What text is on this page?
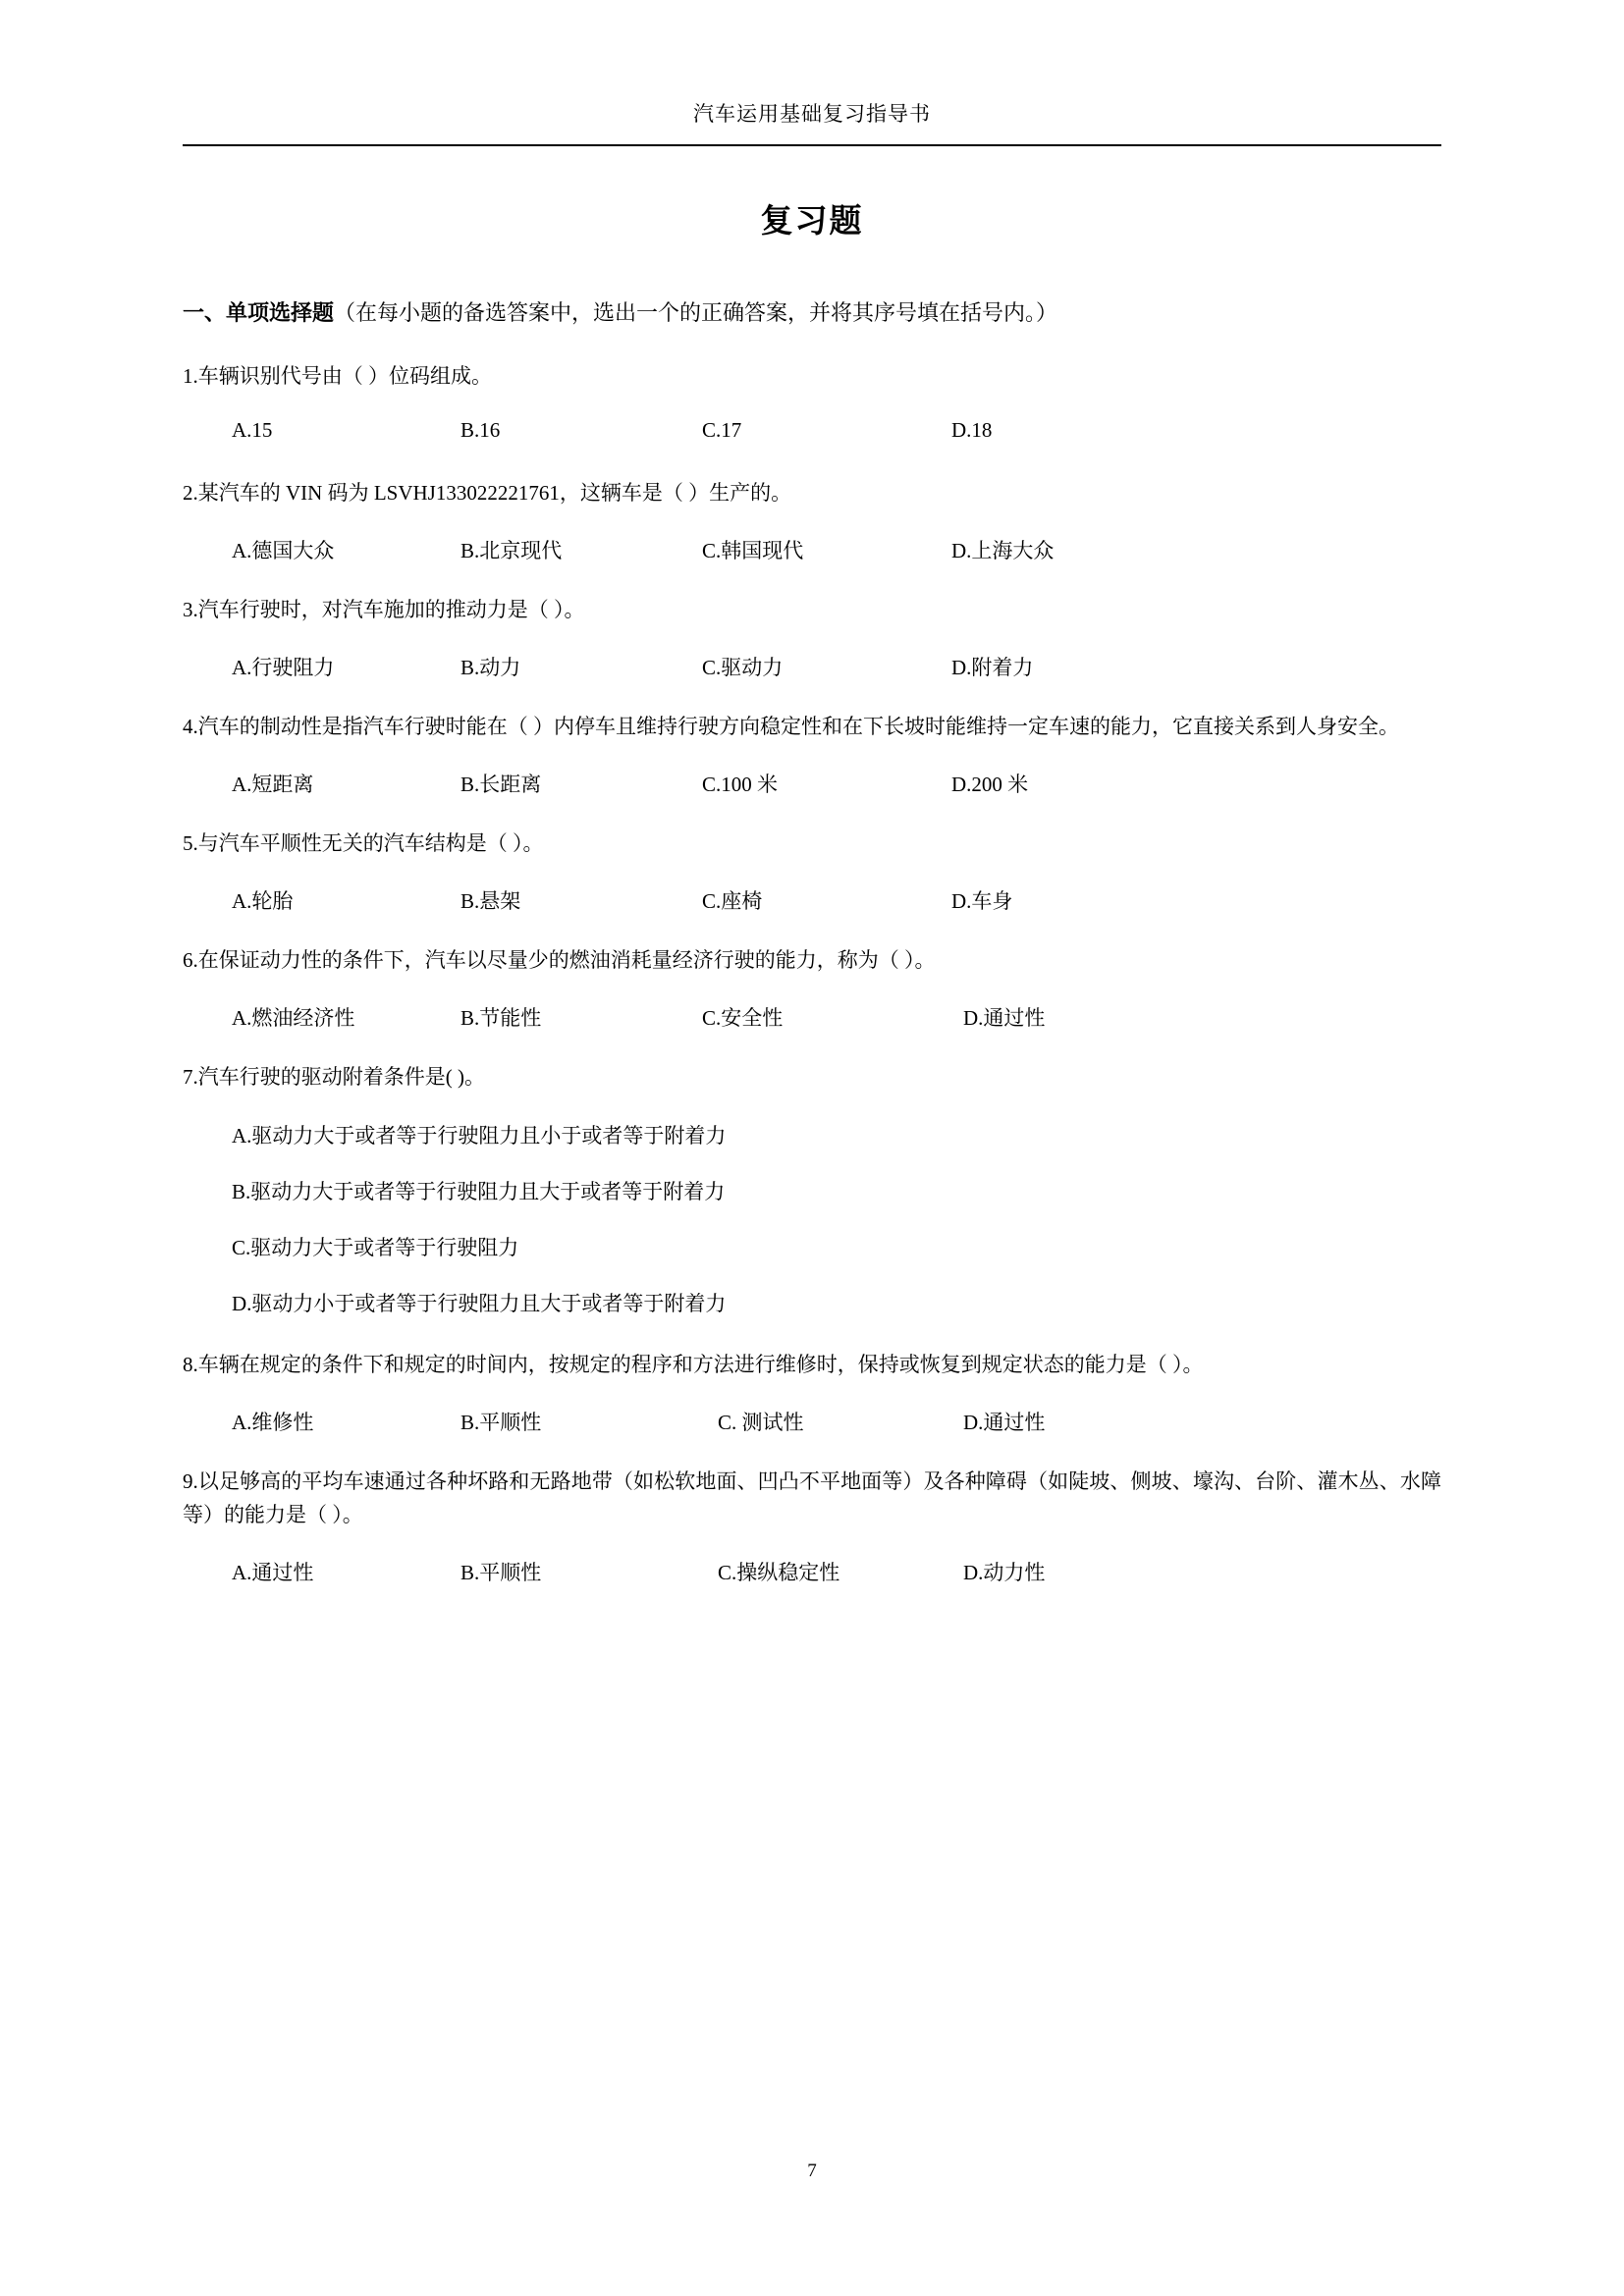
汽车运用基础复习指导书
复习题
一、单项选择题（在每小题的备选答案中，选出一个的正确答案，并将其序号填在括号内。）
1.车辆识别代号由（ ）位码组成。
A.15	B.16	C.17	D.18
2.某汽车的 VIN 码为 LSVHJ133022221761，这辆车是（ ）生产的。
A.德国大众	B.北京现代	C.韩国现代	D.上海大众
3.汽车行驶时，对汽车施加的推动力是（ ）。
A.行驶阻力	B.动力	C.驱动力	D.附着力
4.汽车的制动性是指汽车行驶时能在（ ）内停车且维持行驶方向稳定性和在下长坡时能维持一定车速的能力，它直接关系到人身安全。
A.短距离	B.长距离	C.100 米	D.200 米
5.与汽车平顺性无关的汽车结构是（ ）。
A.轮胎	B.悬架	C.座椅	D.车身
6.在保证动力性的条件下，汽车以尽量少的燃油消耗量经济行驶的能力，称为（ ）。
A.燃油经济性	B.节能性	C.安全性	D.通过性
7.汽车行驶的驱动附着条件是( )。
A.驱动力大于或者等于行驶阻力且小于或者等于附着力
B.驱动力大于或者等于行驶阻力且大于或者等于附着力
C.驱动力大于或者等于行驶阻力
D.驱动力小于或者等于行驶阻力且大于或者等于附着力
8.车辆在规定的条件下和规定的时间内，按规定的程序和方法进行维修时，保持或恢复到规定状态的能力是（ ）。
A.维修性	B.平顺性	C. 测试性	D.通过性
9.以足够高的平均车速通过各种坏路和无路地带（如松软地面、凹凸不平地面等）及各种障碍（如陡坡、侧坡、壕沟、台阶、灌木丛、水障等）的能力是（ ）。
A.通过性	B.平顺性	C.操纵稳定性	D.动力性
7
